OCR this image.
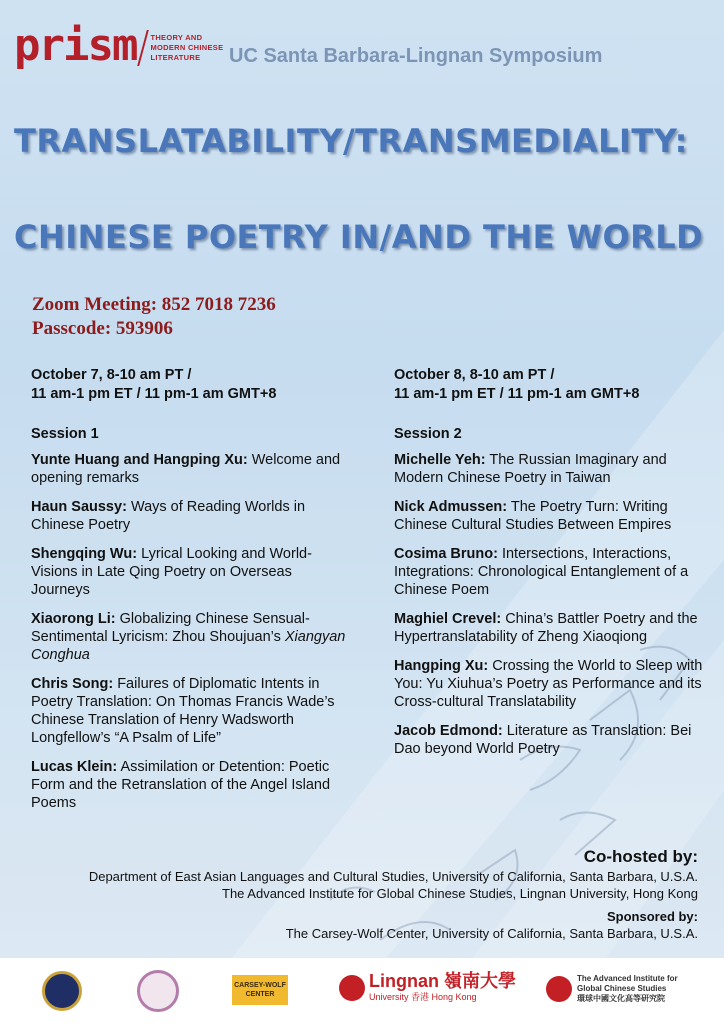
prism THEORY AND
MODERN CHINESE
LITERATURE	UC Santa Barbara-Lingnan Symposium
TRANSLATABILITY/TRANSMEDIALITY:
CHINESE POETRY IN/AND THE WORLD
Zoom Meeting: 852 7018 7236
Passcode: 593906
October 7, 8-10 am PT /
11 am-1 pm ET / 11 pm-1 am GMT+8
Session 1
Yunte Huang and Hangping Xu: Welcome and opening remarks
Haun Saussy: Ways of Reading Worlds in Chinese Poetry
Shengqing Wu: Lyrical Looking and World-Visions in Late Qing Poetry on Overseas Journeys
Xiaorong Li: Globalizing Chinese Sensual-Sentimental Lyricism: Zhou Shoujuan’s Xiangyan Conghua
Chris Song: Failures of Diplomatic Intents in Poetry Translation: On Thomas Francis Wade’s Chinese Translation of Henry Wadsworth Longfellow’s “A Psalm of Life”
Lucas Klein: Assimilation or Detention: Poetic Form and the Retranslation of the Angel Island Poems
October 8, 8-10 am PT /
11 am-1 pm ET / 11 pm-1 am GMT+8
Session 2
Michelle Yeh: The Russian Imaginary and Modern Chinese Poetry in Taiwan
Nick Admussen: The Poetry Turn: Writing Chinese Cultural Studies Between Empires
Cosima Bruno: Intersections, Interactions, Integrations: Chronological Entanglement of a Chinese Poem
Maghiel Crevel: China’s Battler Poetry and the Hypertranslatability of Zheng Xiaoqiong
Hangping Xu: Crossing the World to Sleep with You: Yu Xiuhua’s Poetry as Performance and its Cross-cultural Translatability
Jacob Edmond: Literature as Translation: Bei Dao beyond World Poetry
Co-hosted by:
Department of East Asian Languages and Cultural Studies, University of California, Santa Barbara, U.S.A.
The Advanced Institute for Global Chinese Studies, Lingnan University, Hong Kong
Sponsored by:
The Carsey-Wolf Center, University of California, Santa Barbara, U.S.A.
CARSEY-WOLF
CENTER
Lingnan 嶺南大學
University 香港 Hong Kong
The Advanced Institute for
Global Chinese Studies
環球中國文化高等研究院
